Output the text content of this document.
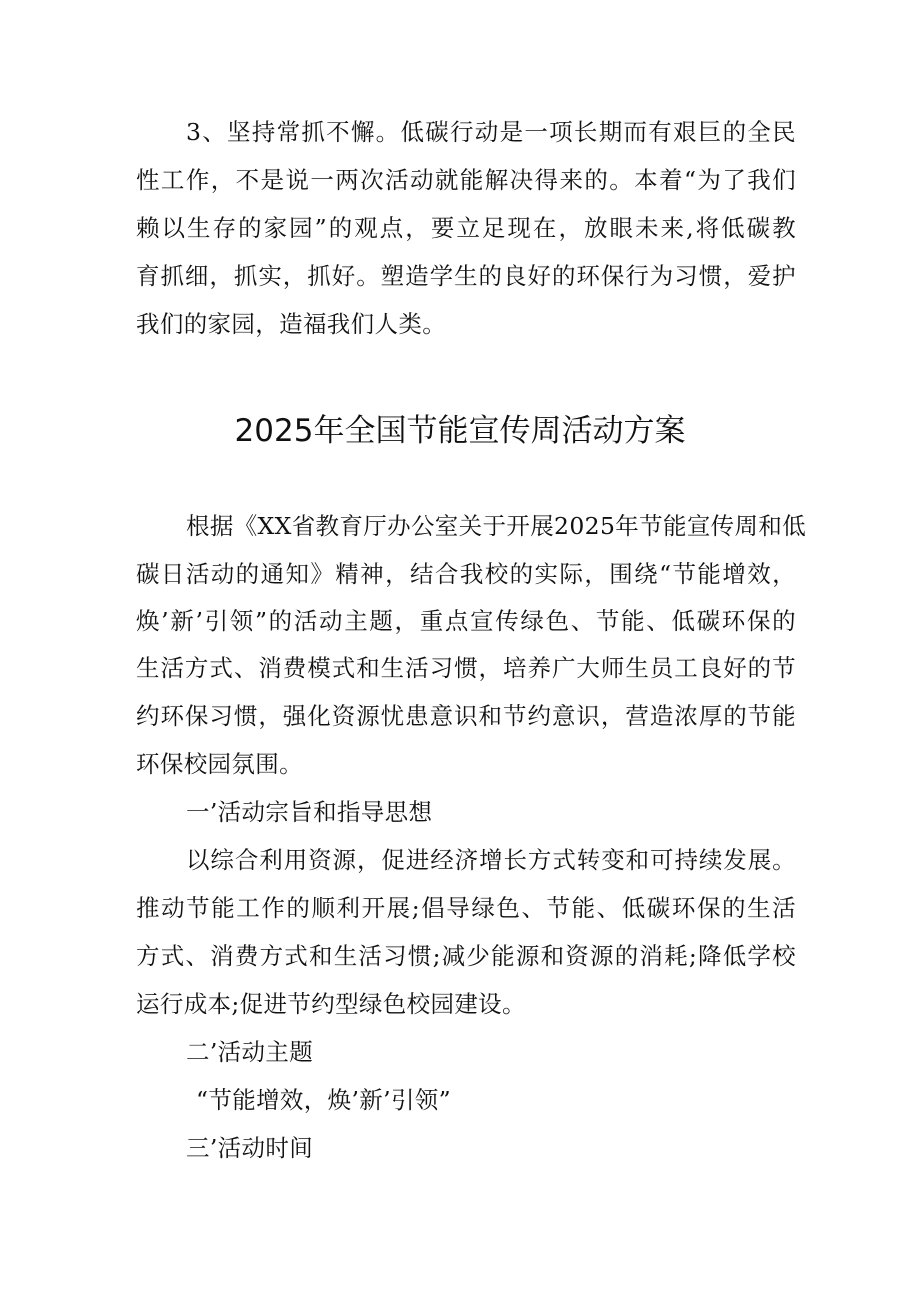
3、坚持常抓不懈。低碳行动是一项长期而有艰巨的全民
性工作，不是说一两次活动就能解决得来的。本着“为了我们
赖以生存的家园”的观点，要立足现在，放眼未来,将低碳教
育抓细，抓实，抓好。塑造学生的良好的环保行为习惯，爱护
我们的家园，造福我们人类。
2025年全国节能宣传周活动方案
根据《XX省教育厅办公室关于开展2025年节能宣传周和低
碳日活动的通知》精神，结合我校的实际，围绕“节能增效，
焕’新’引领”的活动主题，重点宣传绿色、节能、低碳环保的
生活方式、消费模式和生活习惯，培养广大师生员工良好的节
约环保习惯，强化资源忧患意识和节约意识，营造浓厚的节能
环保校园氛围。
一’活动宗旨和指导思想
以综合利用资源，促进经济增长方式转变和可持续发展。
推动节能工作的顺利开展;倡导绿色、节能、低碳环保的生活
方式、消费方式和生活习惯;减少能源和资源的消耗;降低学校
运行成本;促进节约型绿色校园建设。
二’活动主题
“节能增效，焕’新’引领”
三’活动时间
